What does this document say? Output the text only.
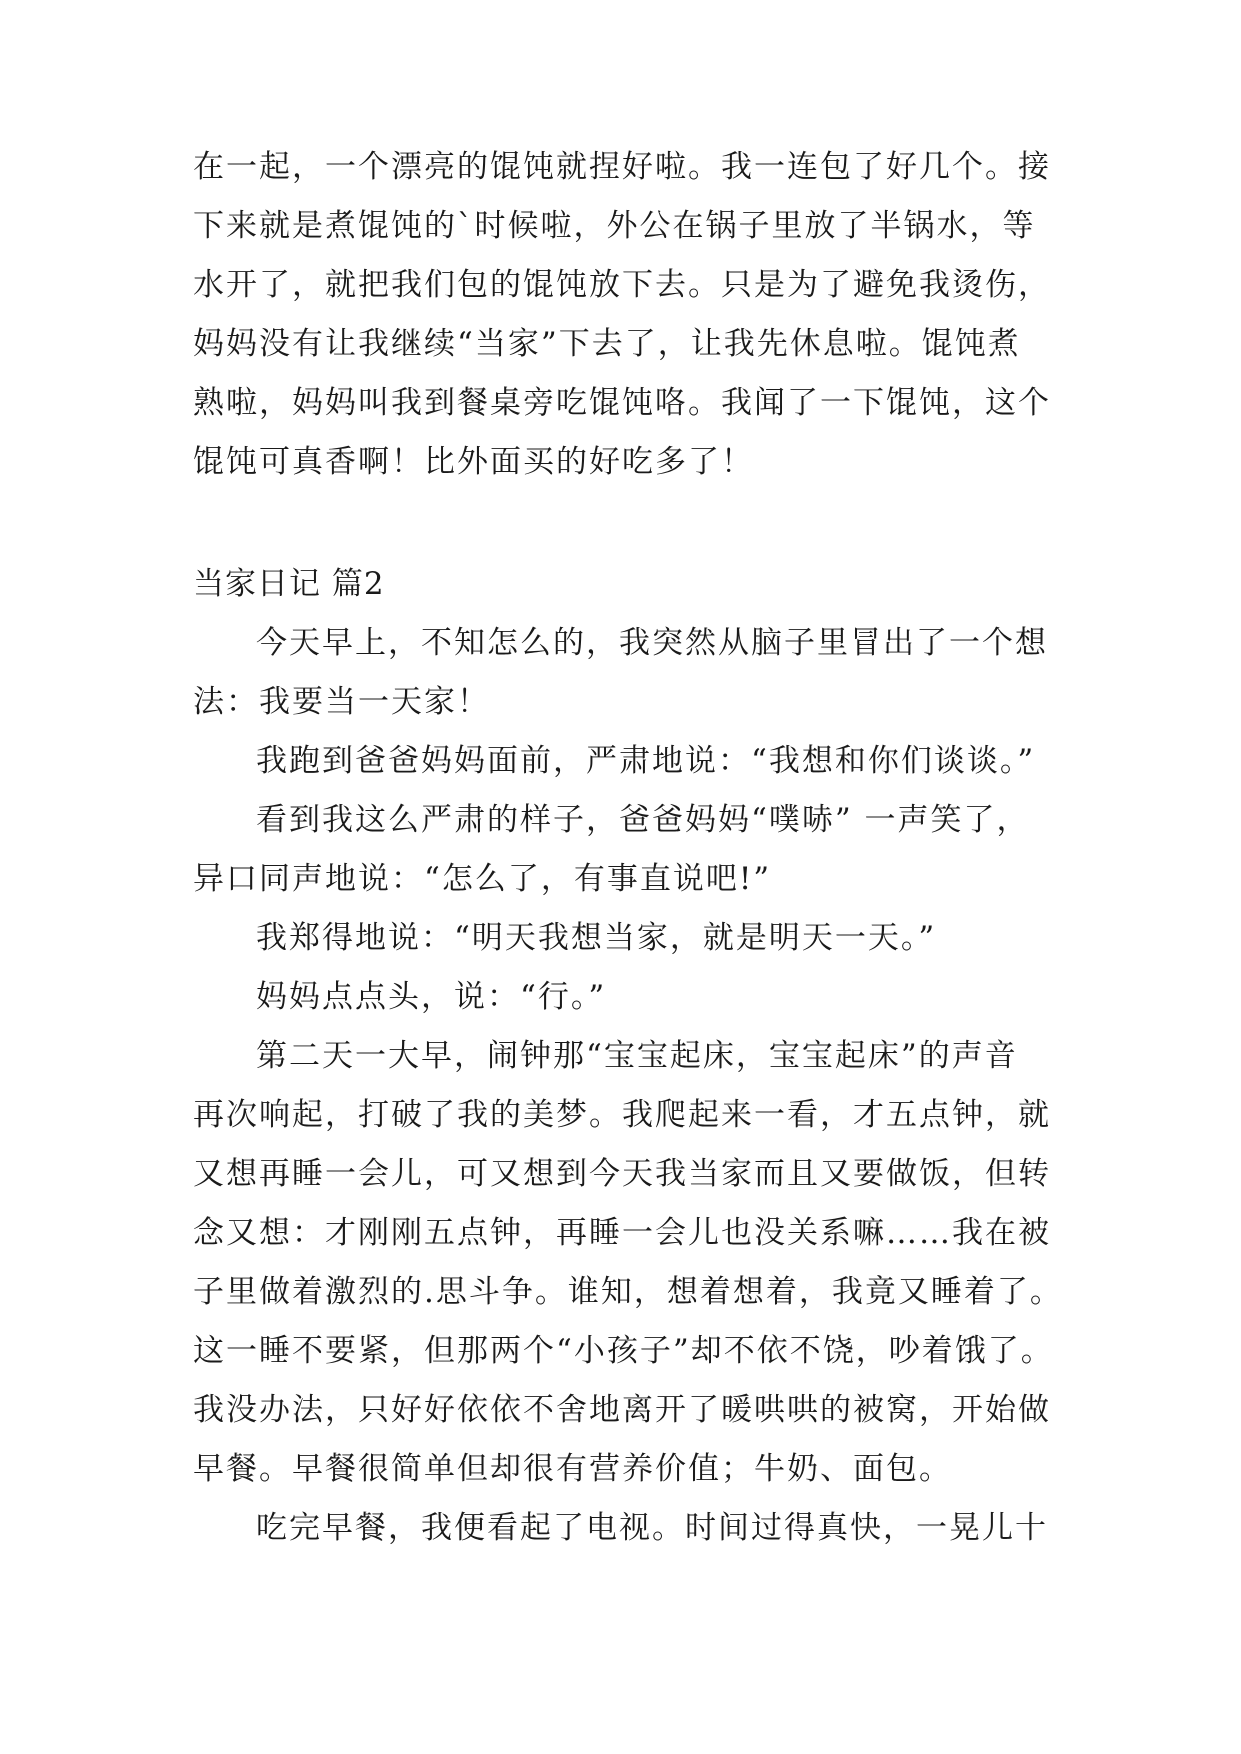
在一起，一个漂亮的馄饨就捏好啦。我一连包了好几个。接
下来就是煮馄饨的`时候啦，外公在锅子里放了半锅水，等
水开了，就把我们包的馄饨放下去。只是为了避免我烫伤，
妈妈没有让我继续“当家”下去了，让我先休息啦。馄饨煮
熟啦，妈妈叫我到餐桌旁吃馄饨咯。我闻了一下馄饨，这个
馄饨可真香啊！比外面买的好吃多了！
当家日记 篇2
今天早上，不知怎么的，我突然从脑子里冒出了一个想
法：我要当一天家！
我跑到爸爸妈妈面前，严肃地说：“我想和你们谈谈。”
看到我这么严肃的样子，爸爸妈妈“噗哧” 一声笑了，
异口同声地说：“怎么了，有事直说吧!”
我郑得地说：“明天我想当家，就是明天一天。”
妈妈点点头，说：“行。”
第二天一大早，闹钟那“宝宝起床，宝宝起床”的声音
再次响起，打破了我的美梦。我爬起来一看，才五点钟，就
又想再睡一会儿，可又想到今天我当家而且又要做饭，但转
念又想：才刚刚五点钟，再睡一会儿也没关系嘛……我在被
子里做着激烈的.思斗争。谁知，想着想着，我竟又睡着了。
这一睡不要紧，但那两个“小孩子”却不依不饶，吵着饿了。
我没办法，只好好依依不舍地离开了暖哄哄的被窝，开始做
早餐。早餐很简单但却很有营养价值；牛奶、面包。
吃完早餐，我便看起了电视。时间过得真快，一晃儿十
